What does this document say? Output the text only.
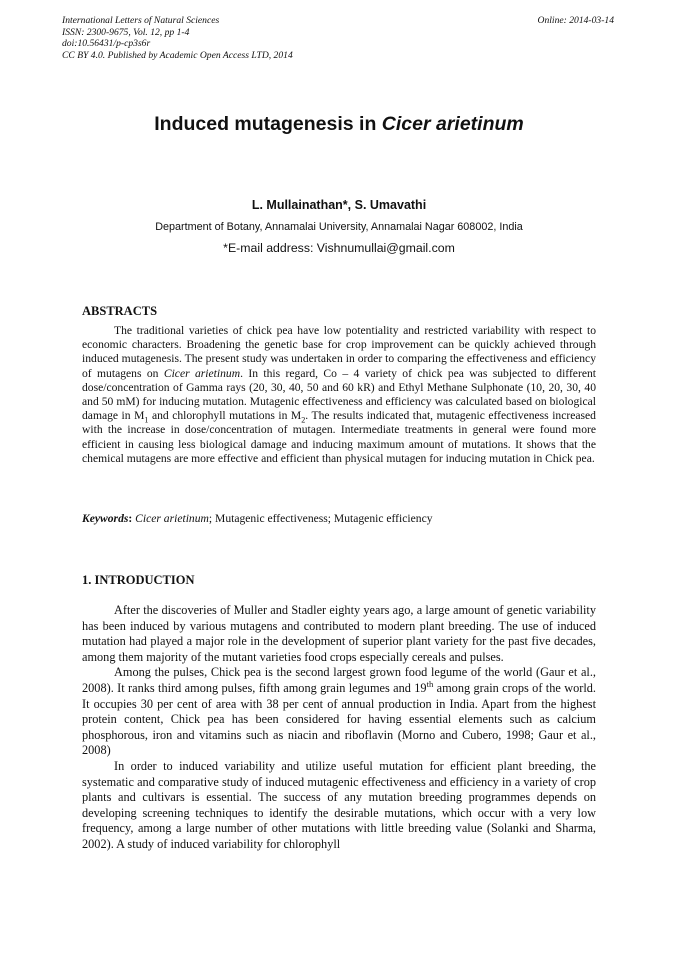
International Letters of Natural Sciences
ISSN: 2300-9675, Vol. 12, pp 1-4
doi:10.56431/p-cp3s6r
CC BY 4.0. Published by Academic Open Access LTD, 2014
Online: 2014-03-14
Induced mutagenesis in Cicer arietinum
L. Mullainathan*, S. Umavathi
Department of Botany, Annamalai University, Annamalai Nagar 608002, India
*E-mail address: Vishnumullai@gmail.com
ABSTRACTS

The traditional varieties of chick pea have low potentiality and restricted variability with respect to economic characters. Broadening the genetic base for crop improvement can be quickly achieved through induced mutagenesis. The present study was undertaken in order to comparing the effectiveness and efficiency of mutagens on Cicer arietinum. In this regard, Co – 4 variety of chick pea was subjected to different dose/concentration of Gamma rays (20, 30, 40, 50 and 60 kR) and Ethyl Methane Sulphonate (10, 20, 30, 40 and 50 mM) for inducing mutation. Mutagenic effectiveness and efficiency was calculated based on biological damage in $M_1$ and chlorophyll mutations in $M_2$. The results indicated that, mutagenic effectiveness increased with the increase in dose/concentration of mutagen. Intermediate treatments in general were found more efficient in causing less biological damage and inducing maximum amount of mutations. It shows that the chemical mutagens are more effective and efficient than physical mutagen for inducing mutation in Chick pea.

Keywords: Cicer arietinum; Mutagenic effectiveness; Mutagenic efficiency
1. INTRODUCTION

After the discoveries of Muller and Stadler eighty years ago, a large amount of genetic variability has been induced by various mutagens and contributed to modern plant breeding. The use of induced mutation had played a major role in the development of superior plant variety for the past five decades, among them majority of the mutant varieties food crops especially cereals and pulses.

Among the pulses, Chick pea is the second largest grown food legume of the world (Gaur et al., 2008). It ranks third among pulses, fifth among grain legumes and 19th among grain crops of the world. It occupies 30 per cent of area with 38 per cent of annual production in India. Apart from the highest protein content, Chick pea has been considered for having essential elements such as calcium phosphorous, iron and vitamins such as niacin and riboflavin (Morno and Cubero, 1998; Gaur et al., 2008)

In order to induced variability and utilize useful mutation for efficient plant breeding, the systematic and comparative study of induced mutagenic effectiveness and efficiency in a variety of crop plants and cultivars is essential. The success of any mutation breeding programmes depends on developing screening techniques to identify the desirable mutations, which occur with a very low frequency, among a large number of other mutations with little breeding value (Solanki and Sharma, 2002). A study of induced variability for chlorophyll
